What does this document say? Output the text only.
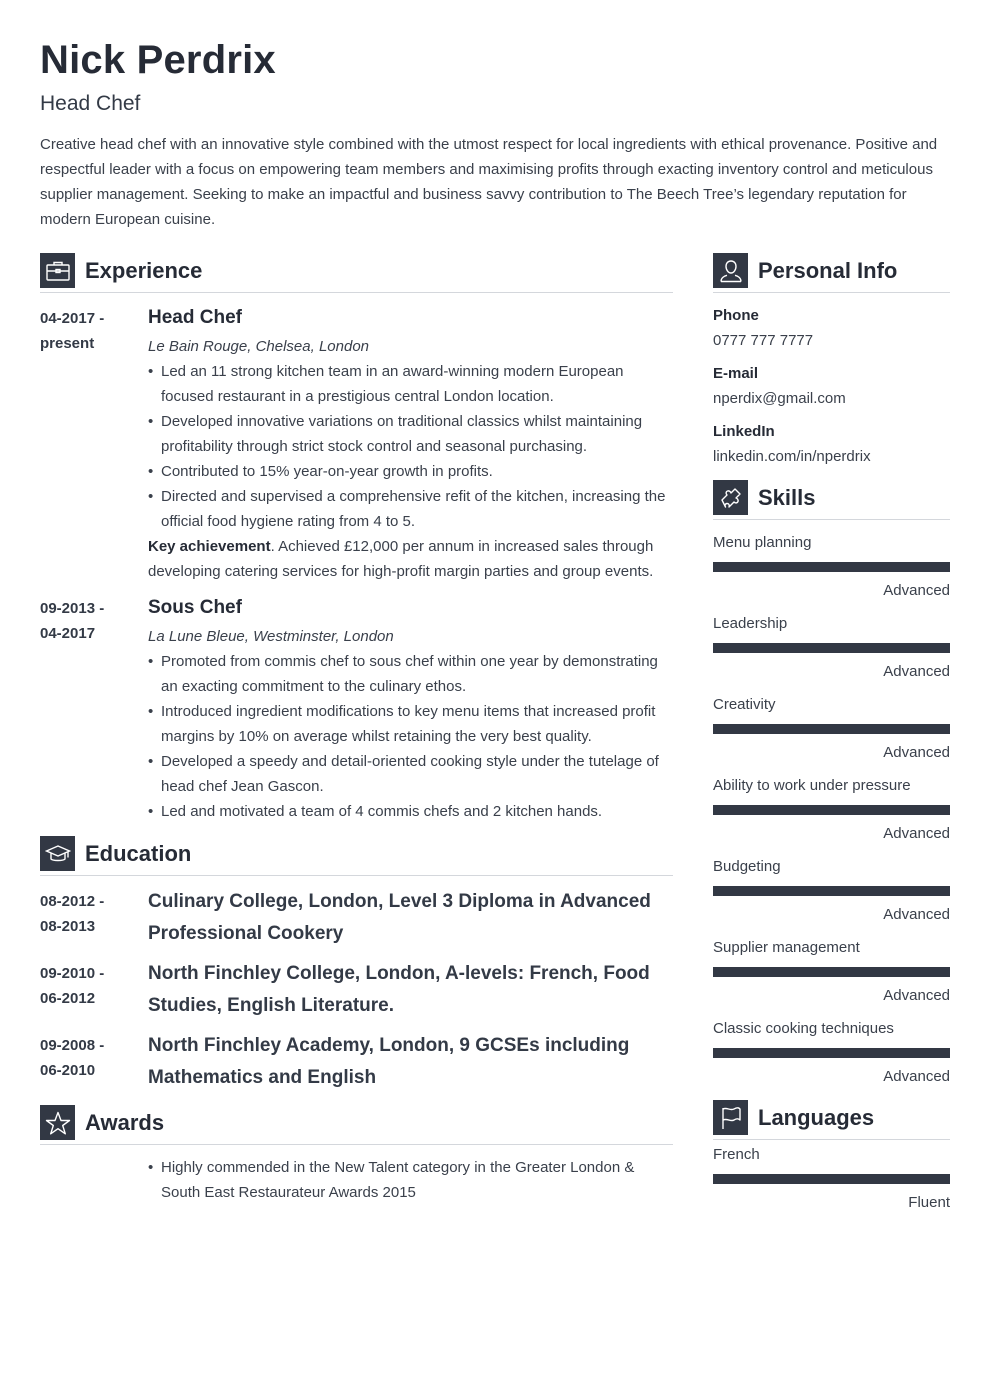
Nick Perdrix
Head Chef
Creative head chef with an innovative style combined with the utmost respect for local ingredients with ethical provenance. Positive and respectful leader with a focus on empowering team members and maximising profits through exacting inventory control and meticulous supplier management. Seeking to make an impactful and business savvy contribution to The Beech Tree’s legendary reputation for modern European cuisine.
Experience
04-2017 -
present
Head Chef
Le Bain Rouge, Chelsea, London
• Led an 11 strong kitchen team in an award-winning modern European focused restaurant in a prestigious central London location.
• Developed innovative variations on traditional classics whilst maintaining profitability through strict stock control and seasonal purchasing.
• Contributed to 15% year-on-year growth in profits.
• Directed and supervised a comprehensive refit of the kitchen, increasing the official food hygiene rating from 4 to 5.
Key achievement. Achieved £12,000 per annum in increased sales through developing catering services for high-profit margin parties and group events.
09-2013 -
04-2017
Sous Chef
La Lune Bleue, Westminster, London
• Promoted from commis chef to sous chef within one year by demonstrating an exacting commitment to the culinary ethos.
• Introduced ingredient modifications to key menu items that increased profit margins by 10% on average whilst retaining the very best quality.
• Developed a speedy and detail-oriented cooking style under the tutelage of head chef Jean Gascon.
• Led and motivated a team of 4 commis chefs and 2 kitchen hands.
Education
08-2012 -
08-2013
Culinary College, London, Level 3 Diploma in Advanced Professional Cookery
09-2010 -
06-2012
North Finchley College, London, A-levels: French, Food Studies, English Literature.
09-2008 -
06-2010
North Finchley Academy, London, 9 GCSEs including Mathematics and English
Awards
• Highly commended in the New Talent category in the Greater London & South East Restaurateur Awards 2015
Personal Info
Phone
0777 777 7777
E-mail
nperdix@gmail.com
LinkedIn
linkedin.com/in/nperdrix
Skills
Menu planning
Advanced
Leadership
Advanced
Creativity
Advanced
Ability to work under pressure
Advanced
Budgeting
Advanced
Supplier management
Advanced
Classic cooking techniques
Advanced
Languages
French
Fluent
